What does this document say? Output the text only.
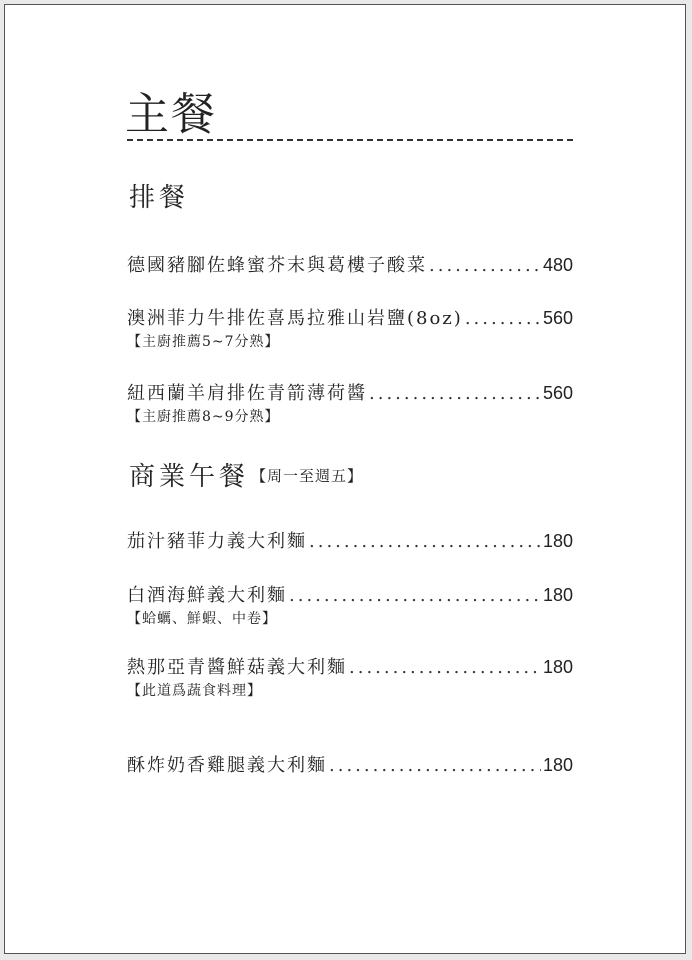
主餐
排餐
德國豬腳佐蜂蜜芥末與葛樓子酸菜 .....	480
澳洲菲力牛排佐喜馬拉雅山岩鹽(8oz) .....	560
【主廚推薦5~7分熟】
紐西蘭羊肩排佐青箭薄荷醬 .....	560
【主廚推薦8~9分熟】
商業午餐 【周一至週五】
茄汁豬菲力義大利麵 .....	180
白酒海鮮義大利麵 .....	180
【蛤蠣、鮮蝦、中卷】
熱那亞青醬鮮菇義大利麵 .....	180
【此道爲蔬食料理】
酥炸奶香雞腿義大利麵 .....	180
